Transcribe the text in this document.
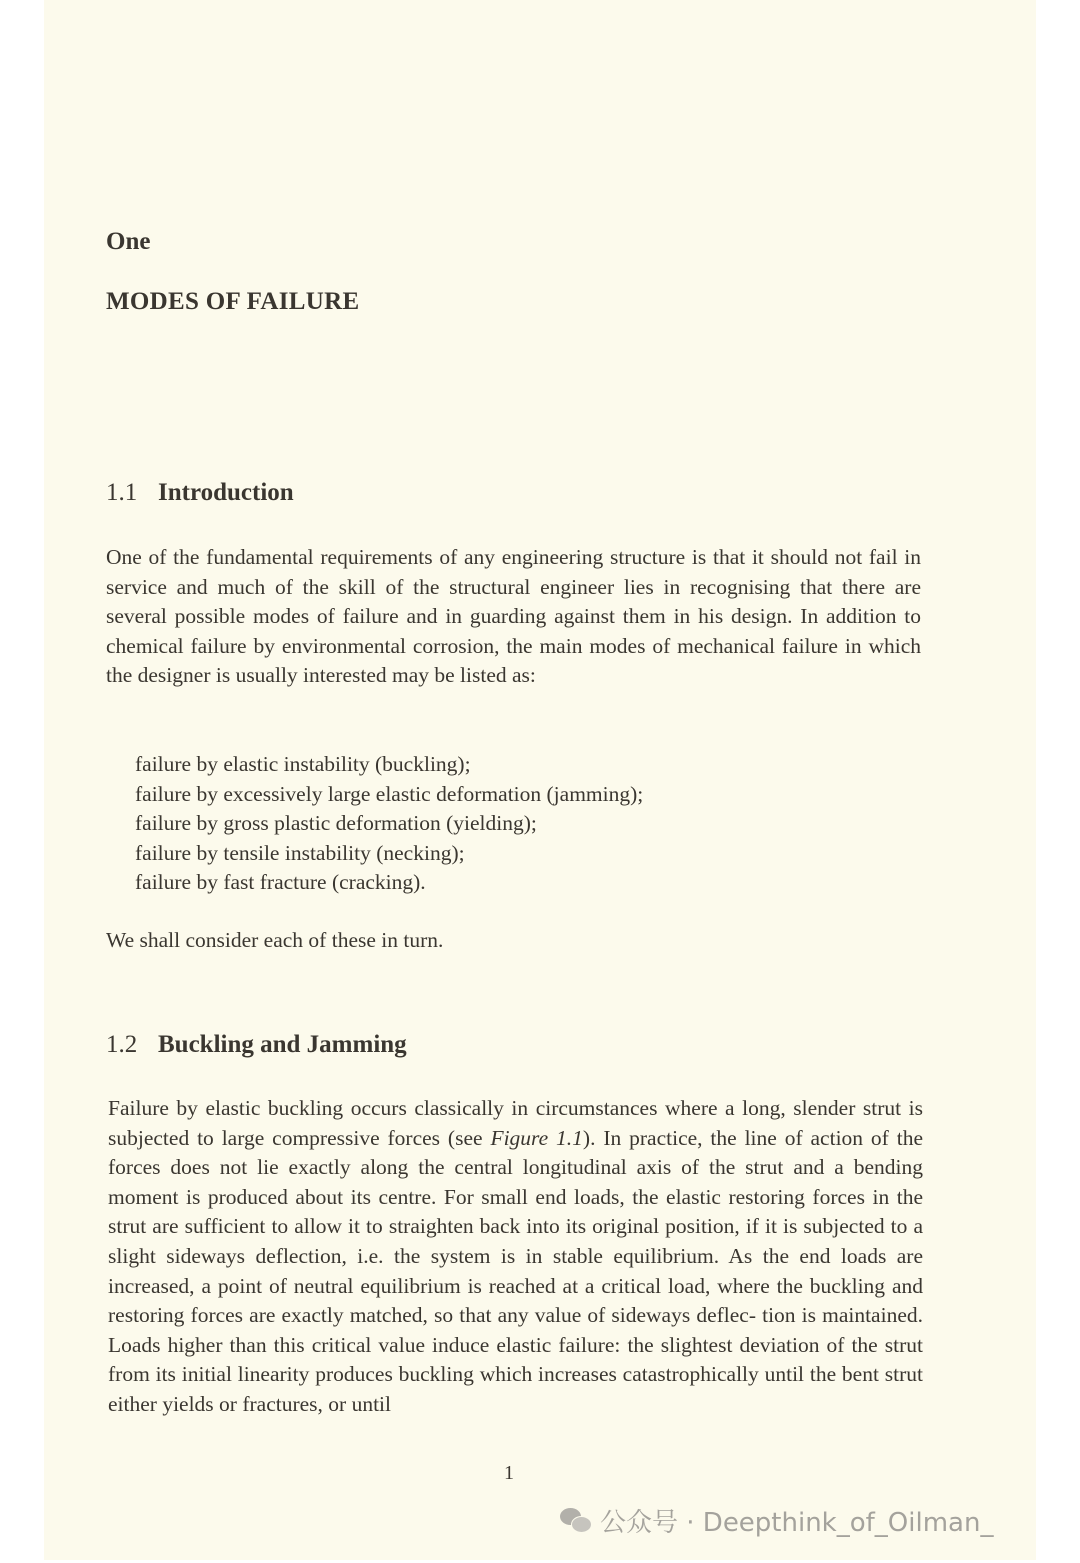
One
MODES OF FAILURE
1.1 Introduction

One of the fundamental requirements of any engineering structure is that it should not fail in service and much of the skill of the structural engineer lies in recognising that there are several possible modes of failure and in guarding against them in his design. In addition to chemical failure by environmental corrosion, the main modes of mechanical failure in which the designer is usually interested may be listed as:

failure by elastic instability (buckling);
failure by excessively large elastic deformation (jamming);
failure by gross plastic deformation (yielding);
failure by tensile instability (necking);
failure by fast fracture (cracking).
We shall consider each of these in turn.
1.2 Buckling and Jamming

Failure by elastic buckling occurs classically in circumstances where a long, slender strut is subjected to large compressive forces (see Figure 1.1). In practice, the line of action of the forces does not lie exactly along the central longitudinal axis of the strut and a bending moment is produced about its centre. For small end loads, the elastic restoring forces in the strut are sufficient to allow it to straighten back into its original position, if it is subjected to a slight sideways deflection, i.e. the system is in stable equilibrium. As the end loads are increased, a point of neutral equilibrium is reached at a critical load, where the buckling and restoring forces are exactly matched, so that any value of sideways deflec- tion is maintained. Loads higher than this critical value induce elastic failure: the slightest deviation of the strut from its initial linearity produces buckling which increases catastrophically until the bent strut either yields or fractures, or until

1
公众号 · Deepthink_of_Oilman_
